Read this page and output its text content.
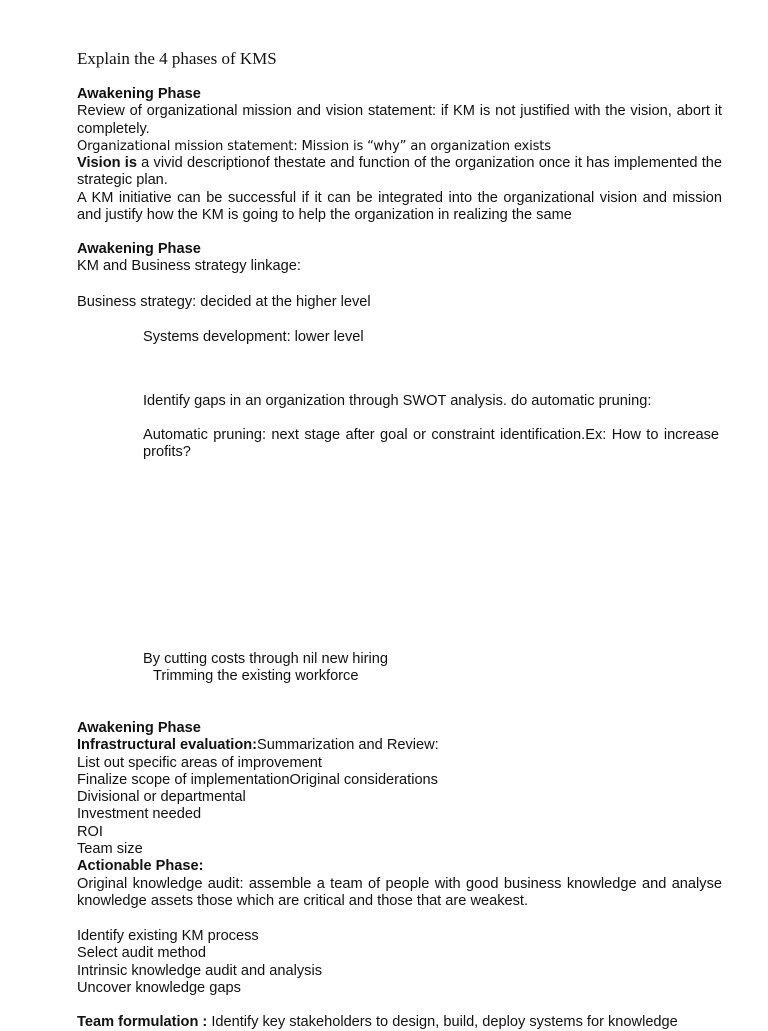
Explain the 4 phases of KMS
Awakening Phase
Review of organizational mission and vision statement: if KM is not justified with the vision, abort it completely.
Organizational mission statement: Mission is “why” an organization exists
Vision is a vivid descriptionof thestate and function of the organization once it has implemented the strategic plan.
A KM initiative can be successful if it can be integrated into the organizational vision and mission and justify how the KM is going to help the organization in realizing the same
Awakening Phase
KM and Business strategy linkage:
Business strategy: decided at the higher level
Systems development: lower level
Identify gaps in an organization through SWOT analysis. do automatic pruning:
Automatic pruning: next stage after goal or constraint identification.Ex: How to increase profits?
By cutting costs through nil new hiring
Trimming the existing workforce
Awakening Phase
Infrastructural evaluation:Summarization and Review:
List out specific areas of improvement
Finalize scope of implementationOriginal considerations
Divisional or departmental
Investment needed
ROI
Team size
Actionable Phase:
Original knowledge audit: assemble a team of people with good business knowledge and analyse knowledge assets those which are critical and those that are weakest.
Identify existing KM process
Select audit method
Intrinsic knowledge audit and analysis
Uncover knowledge gaps
Team formulation : Identify key stakeholders to design, build, deploy systems for knowledge
